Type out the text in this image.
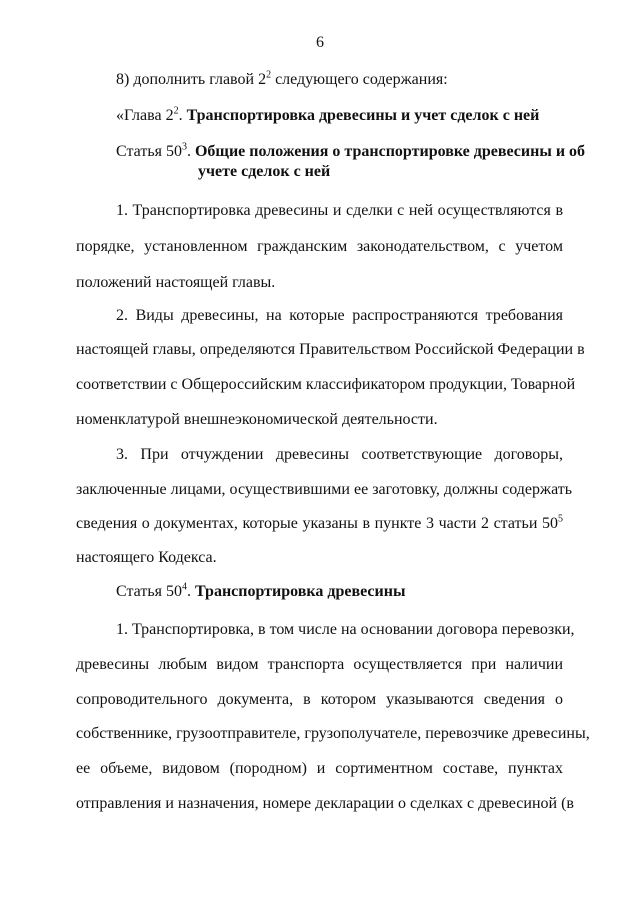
6
8) дополнить главой $2^2$ следующего содержания:
«Глава $2^2$. Транспортировка древесины и учет сделок с ней
Статья $50^3$. Общие положения о транспортировке древесины и об
учете сделок с ней
1. Транспортировка древесины и сделки с ней осуществляются в
порядке, установленном гражданским законодательством, с учетом
положений настоящей главы.
2. Виды древесины, на которые распространяются требования
настоящей главы, определяются Правительством Российской Федерации в
соответствии с Общероссийским классификатором продукции, Товарной
номенклатурой внешнеэкономической деятельности.
3. При отчуждении древесины соответствующие договоры,
заключенные лицами, осуществившими ее заготовку, должны содержать
сведения о документах, которые указаны в пункте 3 части 2 статьи $50^5$
настоящего Кодекса.
Статья $50^4$. Транспортировка древесины
1. Транспортировка, в том числе на основании договора перевозки,
древесины любым видом транспорта осуществляется при наличии
сопроводительного документа, в котором указываются сведения о
собственнике, грузоотправителе, грузополучателе, перевозчике древесины,
ее объеме, видовом (породном) и сортиментном составе, пунктах
отправления и назначения, номере декларации о сделках с древесиной (в
